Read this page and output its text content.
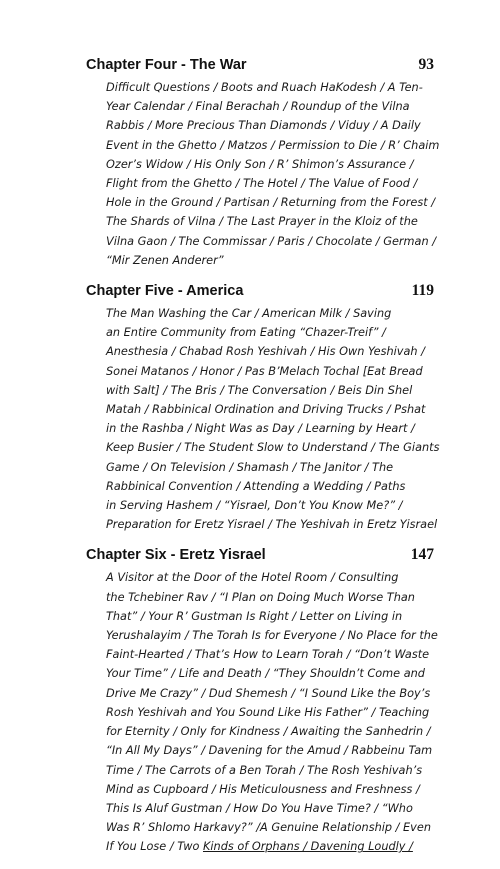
Chapter Four - The War	93
Difficult Questions / Boots and Ruach HaKodesh / A Ten-
Year Calendar / Final Berachah / Roundup of the Vilna
Rabbis / More Precious Than Diamonds / Viduy / A Daily
Event in the Ghetto / Matzos / Permission to Die / R’ Chaim
Ozer’s Widow / His Only Son / R’ Shimon’s Assurance /
Flight from the Ghetto / The Hotel / The Value of Food /
Hole in the Ground / Partisan / Returning from the Forest /
The Shards of Vilna / The Last Prayer in the Kloiz of the
Vilna Gaon / The Commissar / Paris / Chocolate / German /
“Mir Zenen Anderer”
Chapter Five - America	119
The Man Washing the Car / American Milk / Saving
an Entire Community from Eating “Chazer-Treif” /
Anesthesia / Chabad Rosh Yeshivah / His Own Yeshivah /
Sonei Matanos / Honor / Pas B’Melach Tochal [Eat Bread
with Salt] / The Bris / The Conversation / Beis Din Shel
Matah / Rabbinical Ordination and Driving Trucks / Pshat
in the Rashba / Night Was as Day / Learning by Heart /
Keep Busier / The Student Slow to Understand / The Giants
Game / On Television / Shamash / The Janitor / The
Rabbinical Convention / Attending a Wedding / Paths
in Serving Hashem / “Yisrael, Don’t You Know Me?” /
Preparation for Eretz Yisrael / The Yeshivah in Eretz Yisrael
Chapter Six - Eretz Yisrael	147
A Visitor at the Door of the Hotel Room / Consulting
the Tchebiner Rav / “I Plan on Doing Much Worse Than
That” / Your R’ Gustman Is Right / Letter on Living in
Yerushalayim / The Torah Is for Everyone / No Place for the
Faint-Hearted / That’s How to Learn Torah / “Don’t Waste
Your Time” / Life and Death / “They Shouldn’t Come and
Drive Me Crazy” / Dud Shemesh / “I Sound Like the Boy’s
Rosh Yeshivah and You Sound Like His Father” / Teaching
for Eternity / Only for Kindness / Awaiting the Sanhedrin /
“In All My Days” / Davening for the Amud / Rabbeinu Tam
Time / The Carrots of a Ben Torah / The Rosh Yeshivah’s
Mind as Cupboard / His Meticulousness and Freshness /
This Is Aluf Gustman / How Do You Have Time? / “Who
Was R’ Shlomo Harkavy?” /A Genuine Relationship / Even
If You Lose / Two Kinds of Orphans / Davening Loudly /
